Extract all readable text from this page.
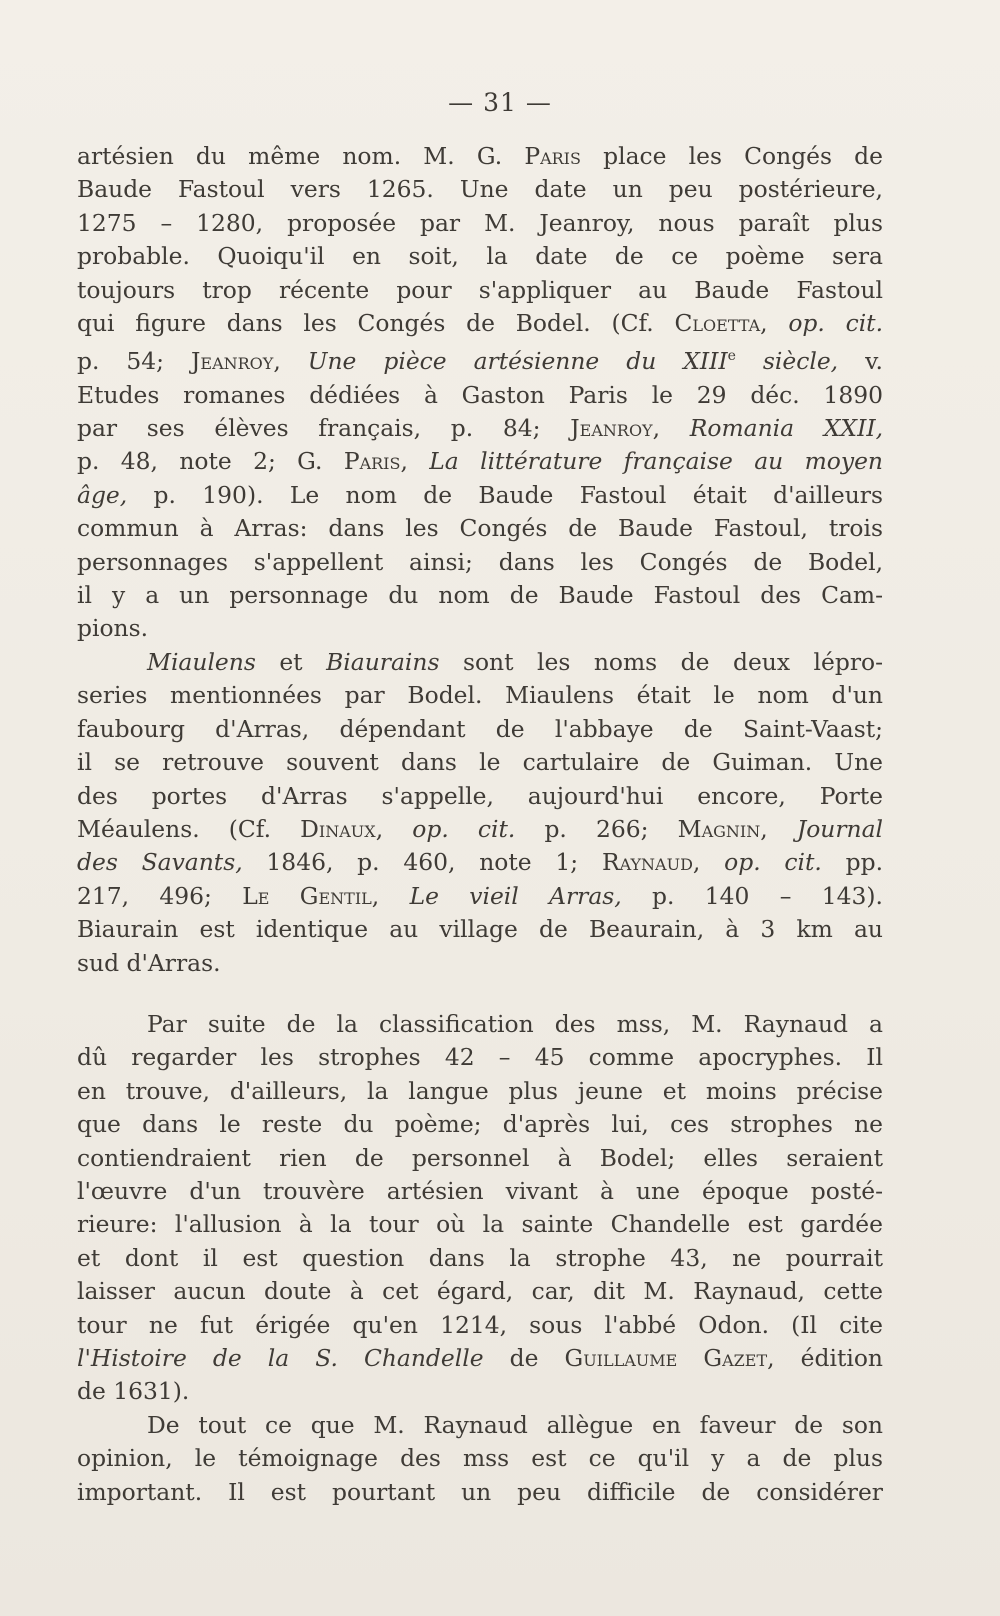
— 31 —
artésien du même nom. M. G. Paris place les Congés de
Baude Fastoul vers 1265. Une date un peu postérieure,
1275 – 1280, proposée par M. Jeanroy, nous paraît plus
probable. Quoiqu'il en soit, la date de ce poème sera
toujours trop récente pour s'appliquer au Baude Fastoul
qui figure dans les Congés de Bodel. (Cf. Cloetta, op. cit.
p. 54; Jeanroy, Une pièce artésienne du XIIIe siècle, v.
Etudes romanes dédiées à Gaston Paris le 29 déc. 1890
par ses élèves français, p. 84; Jeanroy, Romania XXII,
p. 48, note 2; G. Paris, La littérature française au moyen
âge, p. 190). Le nom de Baude Fastoul était d'ailleurs
commun à Arras: dans les Congés de Baude Fastoul, trois
personnages s'appellent ainsi; dans les Congés de Bodel,
il y a un personnage du nom de Baude Fastoul des Cam-
pions.
Miaulens et Biaurains sont les noms de deux lépro-
series mentionnées par Bodel. Miaulens était le nom d'un
faubourg d'Arras, dépendant de l'abbaye de Saint-Vaast;
il se retrouve souvent dans le cartulaire de Guiman. Une
des portes d'Arras s'appelle, aujourd'hui encore, Porte
Méaulens. (Cf. Dinaux, op. cit. p. 266; Magnin, Journal
des Savants, 1846, p. 460, note 1; Raynaud, op. cit. pp.
217, 496; Le Gentil, Le vieil Arras, p. 140 – 143).
Biaurain est identique au village de Beaurain, à 3 km au
sud d'Arras.
Par suite de la classification des mss, M. Raynaud a
dû regarder les strophes 42 – 45 comme apocryphes. Il
en trouve, d'ailleurs, la langue plus jeune et moins précise
que dans le reste du poème; d'après lui, ces strophes ne
contiendraient rien de personnel à Bodel; elles seraient
l'œuvre d'un trouvère artésien vivant à une époque posté-
rieure: l'allusion à la tour où la sainte Chandelle est gardée
et dont il est question dans la strophe 43, ne pourrait
laisser aucun doute à cet égard, car, dit M. Raynaud, cette
tour ne fut érigée qu'en 1214, sous l'abbé Odon. (Il cite
l'Histoire de la S. Chandelle de Guillaume Gazet, édition
de 1631).
De tout ce que M. Raynaud allègue en faveur de son
opinion, le témoignage des mss est ce qu'il y a de plus
important. Il est pourtant un peu difficile de considérer
